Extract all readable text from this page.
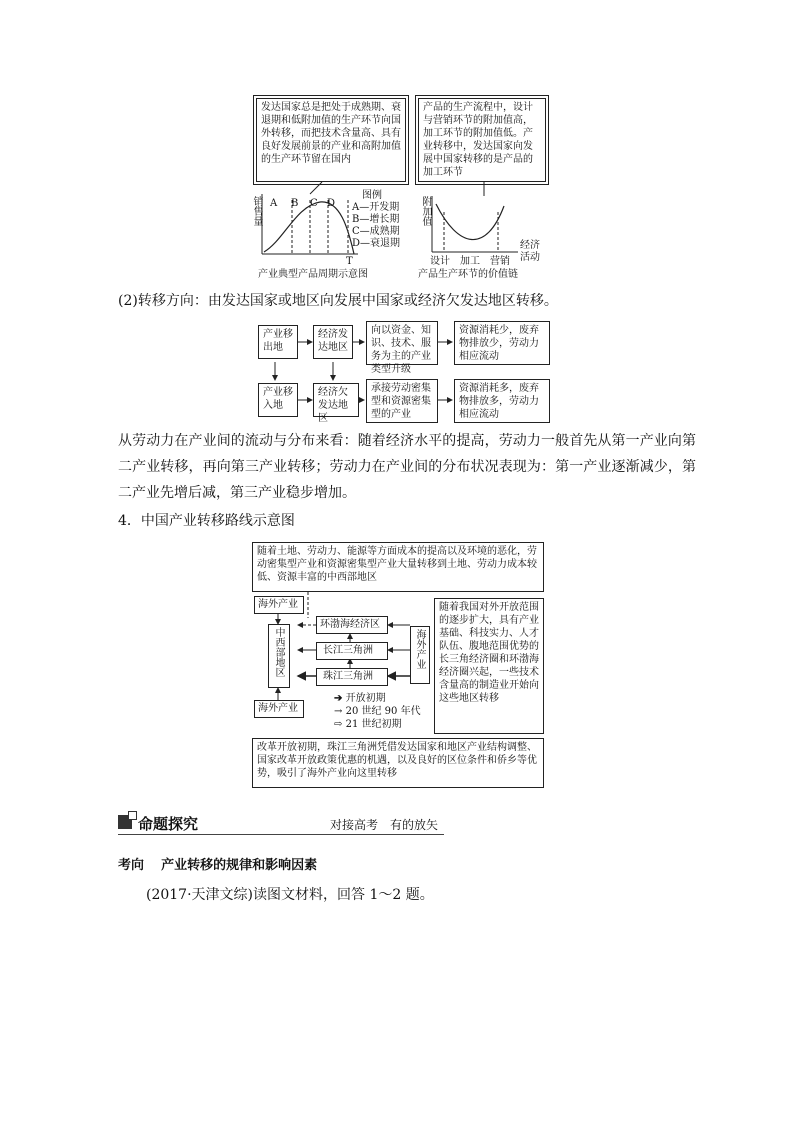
发达国家总是把处于成熟期、衰退期和低附加值的生产环节向国外转移，而把技术含量高、具有良好发展前景的产业和高附加值的生产环节留在国内
产品的生产流程中，设计与营销环节的附加值高，加工环节的附加值低。产业转移中，发达国家向发展中国家转移的是产品的加工环节
销售量 A B C D
T
图例
A—开发期
B—增长期
C—成熟期
D—衰退期
产业典型产品周期示意图
附加值
经济活动
设计 加工 营销
产品生产环节的价值链
(2)转移方向：由发达国家或地区向发展中国家或经济欠发达地区转移。
产业移出地
经济发达地区
向以资金、知识、技术、服务为主的产业类型升级
资源消耗少，废弃物排放少，劳动力相应流动
产业移入地
经济欠发达地区
承接劳动密集型和资源密集型的产业
资源消耗多，废弃物排放多，劳动力相应流动
从劳动力在产业间的流动与分布来看：随着经济水平的提高，劳动力一般首先从第一产业向第二产业转移，再向第三产业转移；劳动力在产业间的分布状况表现为：第一产业逐渐减少，第二产业先增后减，第三产业稳步增加。
4．中国产业转移路线示意图
随着土地、劳动力、能源等方面成本的提高以及环境的恶化，劳动密集型产业和资源密集型产业大量转移到土地、劳动力成本较低、资源丰富的中西部地区
海外产业
中西部地区
环渤海经济区
长江三角洲
珠江三角洲
海外产业
海外产业
➔ 开放初期
→ 20 世纪 90 年代
⇨ 21 世纪初期
随着我国对外开放范围的逐步扩大，具有产业基础、科技实力、人才队伍、腹地范围优势的长三角经济圈和环渤海经济圈兴起，一些技术含量高的制造业开始向这些地区转移
改革开放初期，珠江三角洲凭借发达国家和地区产业结构调整、国家改革开放政策优惠的机遇，以及良好的区位条件和侨乡等优势，吸引了海外产业向这里转移
命题探究	对接高考　有的放矢
考向 产业转移的规律和影响因素
(2017·天津文综)读图文材料，回答 1～2 题。
